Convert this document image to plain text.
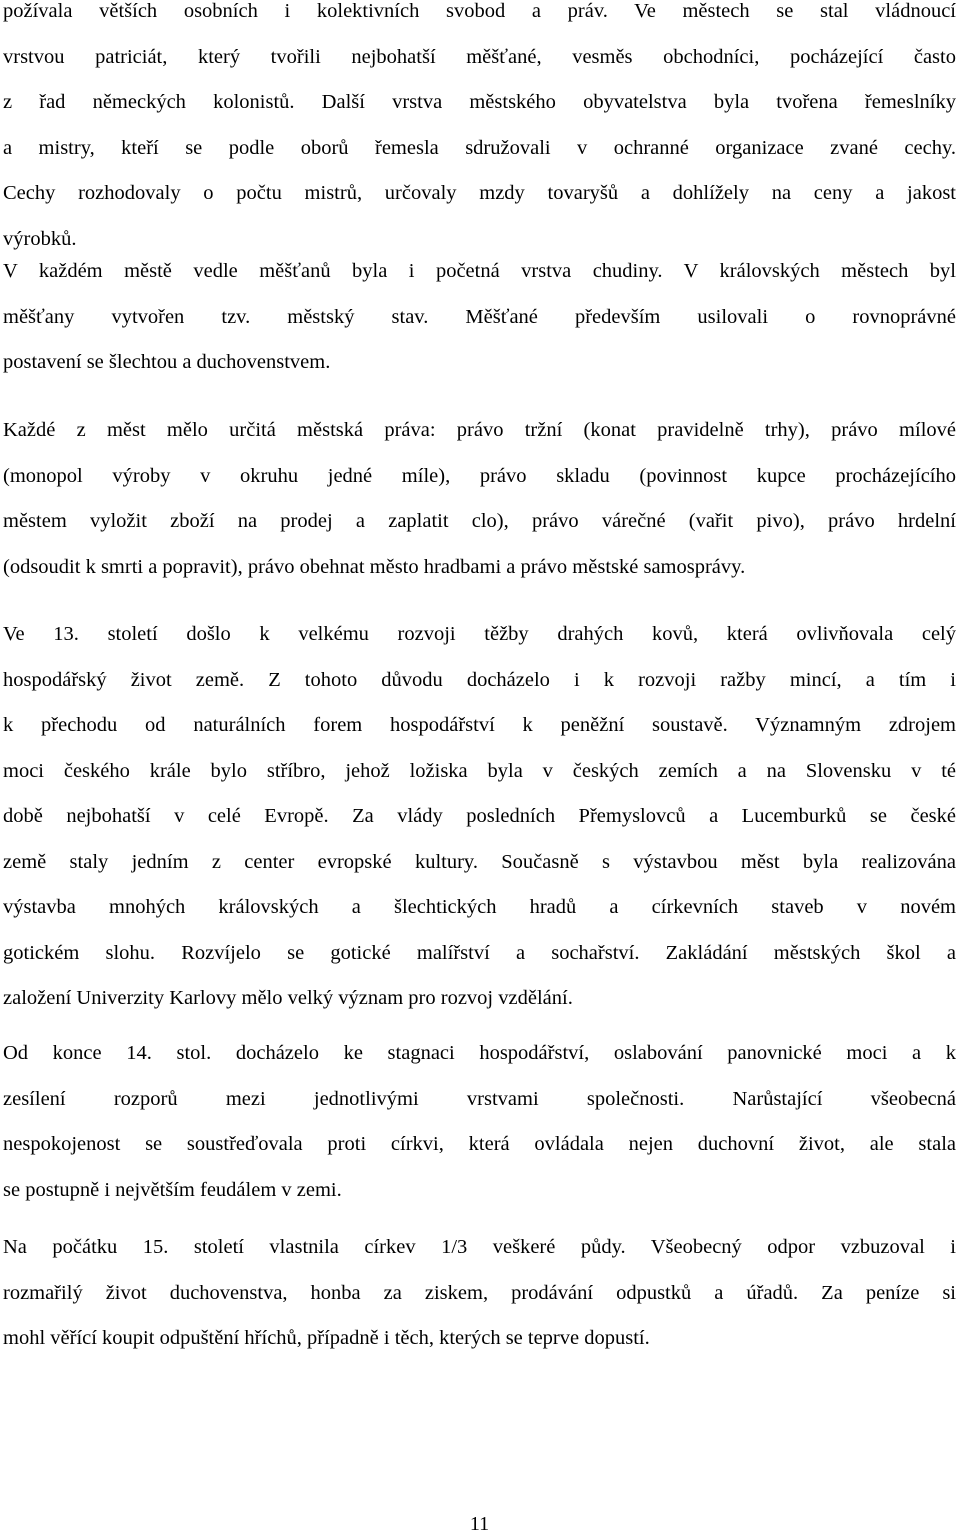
požívala větších osobních i kolektivních svobod a práv. Ve městech se stal vládnoucí
vrstvou patriciát, který tvořili nejbohatší měšťané, vesměs obchodníci, pocházející často
z řad německých kolonistů. Další vrstva městského obyvatelstva byla tvořena řemeslníky
a mistry, kteří se podle oborů řemesla sdružovali v ochranné organizace zvané cechy.
Cechy rozhodovaly o počtu mistrů, určovaly mzdy tovaryšů a dohlížely na ceny a jakost
výrobků.

V každém městě vedle měšťanů byla i početná vrstva chudiny. V královských městech byl
měšťany vytvořen tzv. městský stav. Měšťané především usilovali o rovnoprávné
postavení se šlechtou a duchovenstvem.

Každé z měst mělo určitá městská práva: právo tržní (konat pravidelně trhy), právo mílové
(monopol výroby v okruhu jedné míle), právo skladu (povinnost kupce procházejícího
městem vyložit zboží na prodej a zaplatit clo), právo várečné (vařit pivo), právo hrdelní
(odsoudit k smrti a popravit), právo obehnat město hradbami a právo městské samosprávy.

Ve 13. století došlo k velkému rozvoji těžby drahých kovů, která ovlivňovala celý
hospodářský život země. Z tohoto důvodu docházelo i k rozvoji ražby mincí, a tím i
k přechodu od naturálních forem hospodářství k peněžní soustavě. Významným zdrojem
moci českého krále bylo stříbro, jehož ložiska byla v českých zemích a na Slovensku v té
době nejbohatší v celé Evropě. Za vlády posledních Přemyslovců a Lucemburků se české
země staly jedním z center evropské kultury. Současně s výstavbou měst byla realizována
výstavba mnohých královských a šlechtických hradů a církevních staveb v novém
gotickém slohu. Rozvíjelo se gotické malířství a sochařství. Zakládání městských škol a
založení Univerzity Karlovy mělo velký význam pro rozvoj vzdělání.

Od konce 14. stol. docházelo ke stagnaci hospodářství, oslabování panovnické moci a k
zesílení rozporů mezi jednotlivými vrstvami společnosti. Narůstající všeobecná
nespokojenost se soustřeďovala proti církvi, která ovládala nejen duchovní život, ale stala
se postupně i největším feudálem v zemi.

Na počátku 15. století vlastnila církev 1/3 veškeré půdy. Všeobecný odpor vzbuzoval i
rozmařilý život duchovenstva, honba za ziskem, prodávání odpustků a úřadů. Za peníze si
mohl věřící koupit odpuštění hříchů, případně i těch, kterých se teprve dopustí.

11
